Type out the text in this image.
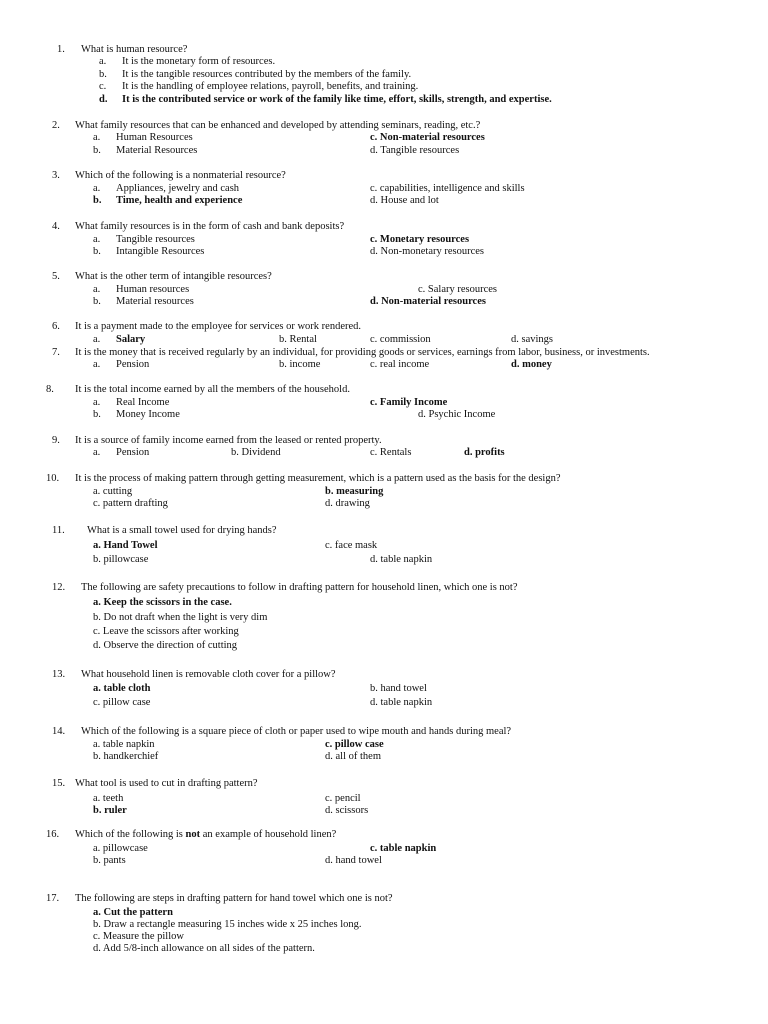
1. What is human resource?
a. It is the monetary form of resources.
b. It is the tangible resources contributed by the members of the family.
c. It is the handling of employee relations, payroll, benefits, and training.
d. It is the contributed service or work of the family like time, effort, skills, strength, and expertise.
2. What family resources that can be enhanced and developed by attending seminars, reading, etc.?
a. Human Resources
b. Material Resources
c. Non-material resources
d. Tangible resources
3. Which of the following is a nonmaterial resource?
a. Appliances, jewelry and cash
b. Time, health and experience
c. capabilities, intelligence and skills
d. House and lot
4. What family resources is in the form of cash and bank deposits?
a. Tangible resources
b. Intangible Resources
c. Monetary resources
d. Non-monetary resources
5. What is the other term of intangible resources?
a. Human resources
b. Material resources
c. Salary resources
d. Non-material resources
6. It is a payment made to the employee for services or work rendered.
a. Salary	b. Rental	c. commission	d. savings
7. It is the money that is received regularly by an individual, for providing goods or services, earnings from labor, business, or investments.
a. Pension	b. income	c. real income	d. money
8. It is the total income earned by all the members of the household.
a. Real Income
b. Money Income
c. Family Income
d. Psychic Income
9. It is a source of family income earned from the leased or rented property.
a. Pension	b. Dividend	c. Rentals	d. profits
10. It is the process of making pattern through getting measurement, which is a pattern used as the basis for the design?
a. cutting	b. measuring
c. pattern drafting	d. drawing
11. What is a small towel used for drying hands?
a. Hand Towel	c. face mask
b. pillowcase	d. table napkin
12. The following are safety precautions to follow in drafting pattern for household linen, which one is not?
a. Keep the scissors in the case.
b. Do not draft when the light is very dim
c. Leave the scissors after working
d. Observe the direction of cutting
13. What household linen is removable cloth cover for a pillow?
a. table cloth	b. hand towel
c. pillow case	d. table napkin
14. Which of the following is a square piece of cloth or paper used to wipe mouth and hands during meal?
a. table napkin	c. pillow case
b. handkerchief	d. all of them
15. What tool is used to cut in drafting pattern?
a. teeth	c. pencil
b. ruler	d. scissors
16. Which of the following is not an example of household linen?
a. pillowcase	c. table napkin
b. pants	d. hand towel
17. The following are steps in drafting pattern for hand towel which one is not?
a. Cut the pattern
b. Draw a rectangle measuring 15 inches wide x 25 inches long.
c. Measure the pillow
d. Add 5/8-inch allowance on all sides of the pattern.
